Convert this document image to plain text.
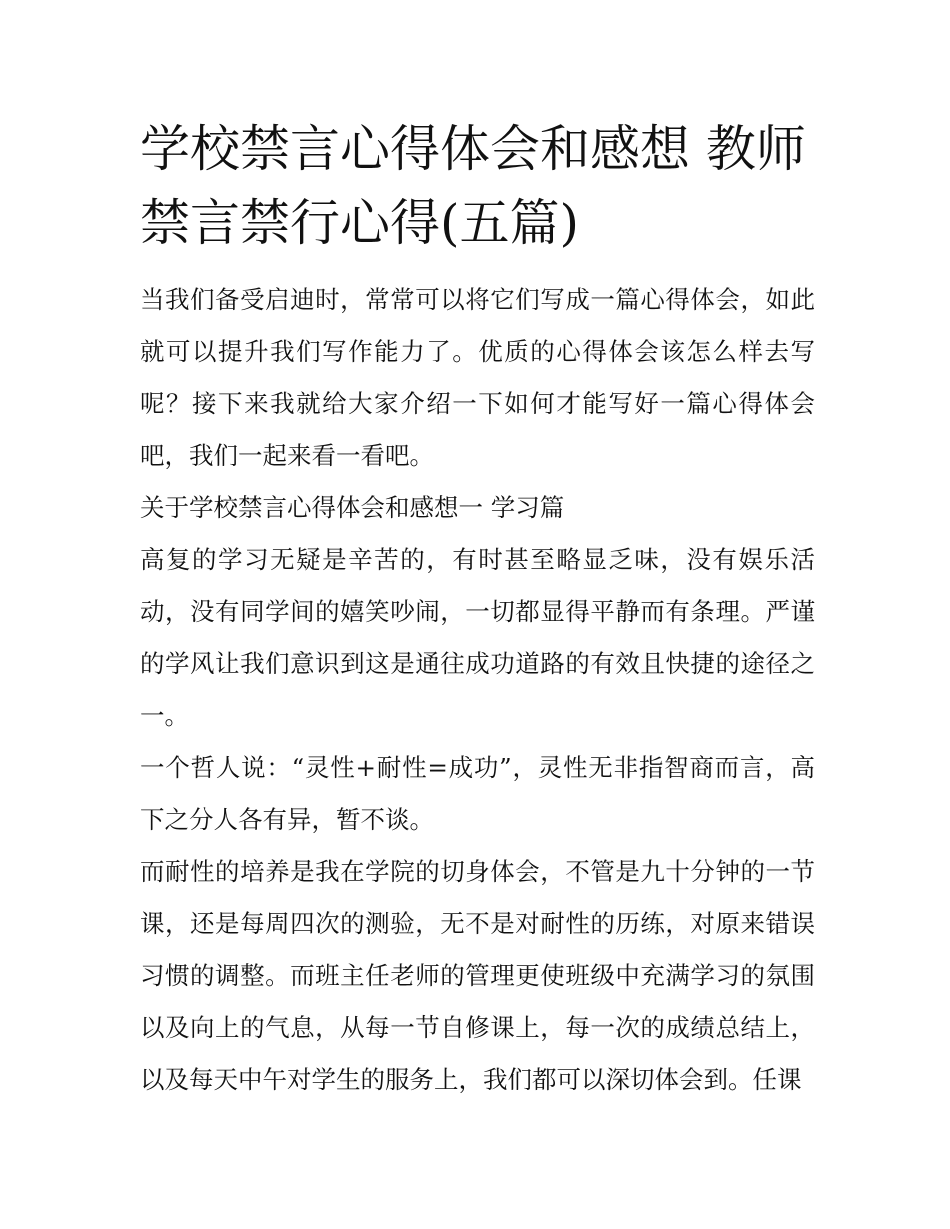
学校禁言心得体会和感想 教师禁言禁行心得(五篇)

当我们备受启迪时，常常可以将它们写成一篇心得体会，如此就可以提升我们写作能力了。优质的心得体会该怎么样去写呢？接下来我就给大家介绍一下如何才能写好一篇心得体会吧，我们一起来看一看吧。

关于学校禁言心得体会和感想一 学习篇

高复的学习无疑是辛苦的，有时甚至略显乏味，没有娱乐活动，没有同学间的嬉笑吵闹，一切都显得平静而有条理。严谨的学风让我们意识到这是通往成功道路的有效且快捷的途径之一。

一个哲人说：“灵性+耐性=成功”，灵性无非指智商而言，高下之分人各有异，暂不谈。

而耐性的培养是我在学院的切身体会，不管是九十分钟的一节课，还是每周四次的测验，无不是对耐性的历练，对原来错误习惯的调整。而班主任老师的管理更使班级中充满学习的氛围以及向上的气息，从每一节自修课上，每一次的成绩总结上，以及每天中午对学生的服务上，我们都可以深切体会到。任课
